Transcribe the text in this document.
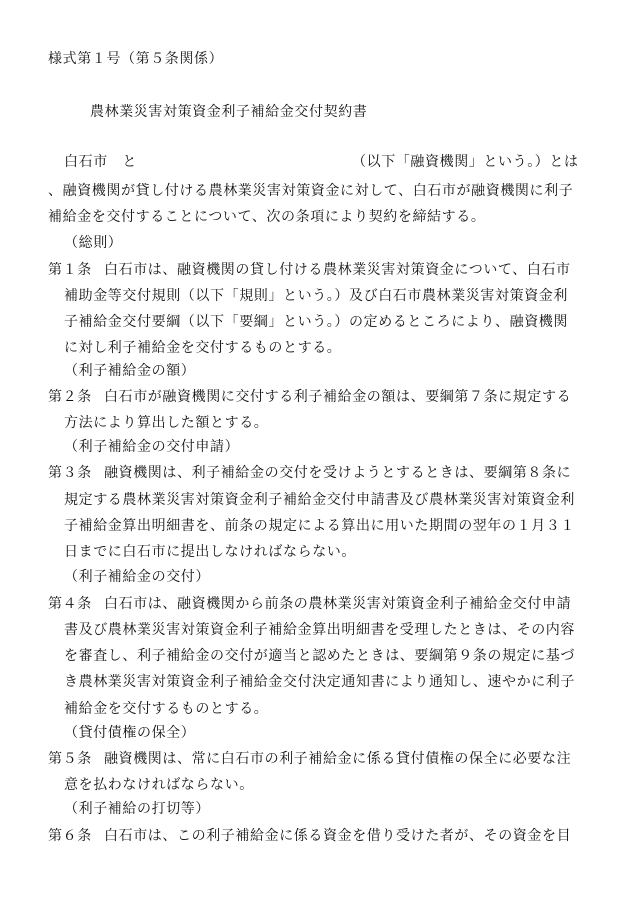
様式第１号（第５条関係）
農林業災害対策資金利子補給金交付契約書
白石市　と	（以下「融資機関」という。）とは
、融資機関が貸し付ける農林業災害対策資金に対して、白石市が融資機関に利子
補給金を交付することについて、次の条項により契約を締結する。
（総則）
第１条 白石市は、融資機関の貸し付ける農林業災害対策資金について、白石市
補助金等交付規則（以下「規則」という。）及び白石市農林業災害対策資金利
子補給金交付要綱（以下「要綱」という。）の定めるところにより、融資機関
に対し利子補給金を交付するものとする。
（利子補給金の額）
第２条 白石市が融資機関に交付する利子補給金の額は、要綱第７条に規定する
方法により算出した額とする。
（利子補給金の交付申請）
第３条 融資機関は、利子補給金の交付を受けようとするときは、要綱第８条に
規定する農林業災害対策資金利子補給金交付申請書及び農林業災害対策資金利
子補給金算出明細書を、前条の規定による算出に用いた期間の翌年の１月３１
日までに白石市に提出しなければならない。
（利子補給金の交付）
第４条 白石市は、融資機関から前条の農林業災害対策資金利子補給金交付申請
書及び農林業災害対策資金利子補給金算出明細書を受理したときは、その内容
を審査し、利子補給金の交付が適当と認めたときは、要綱第９条の規定に基づ
き農林業災害対策資金利子補給金交付決定通知書により通知し、速やかに利子
補給金を交付するものとする。
（貸付債権の保全）
第５条 融資機関は、常に白石市の利子補給金に係る貸付債権の保全に必要な注
意を払わなければならない。
（利子補給の打切等）
第６条 白石市は、この利子補給金に係る資金を借り受けた者が、その資金を目
